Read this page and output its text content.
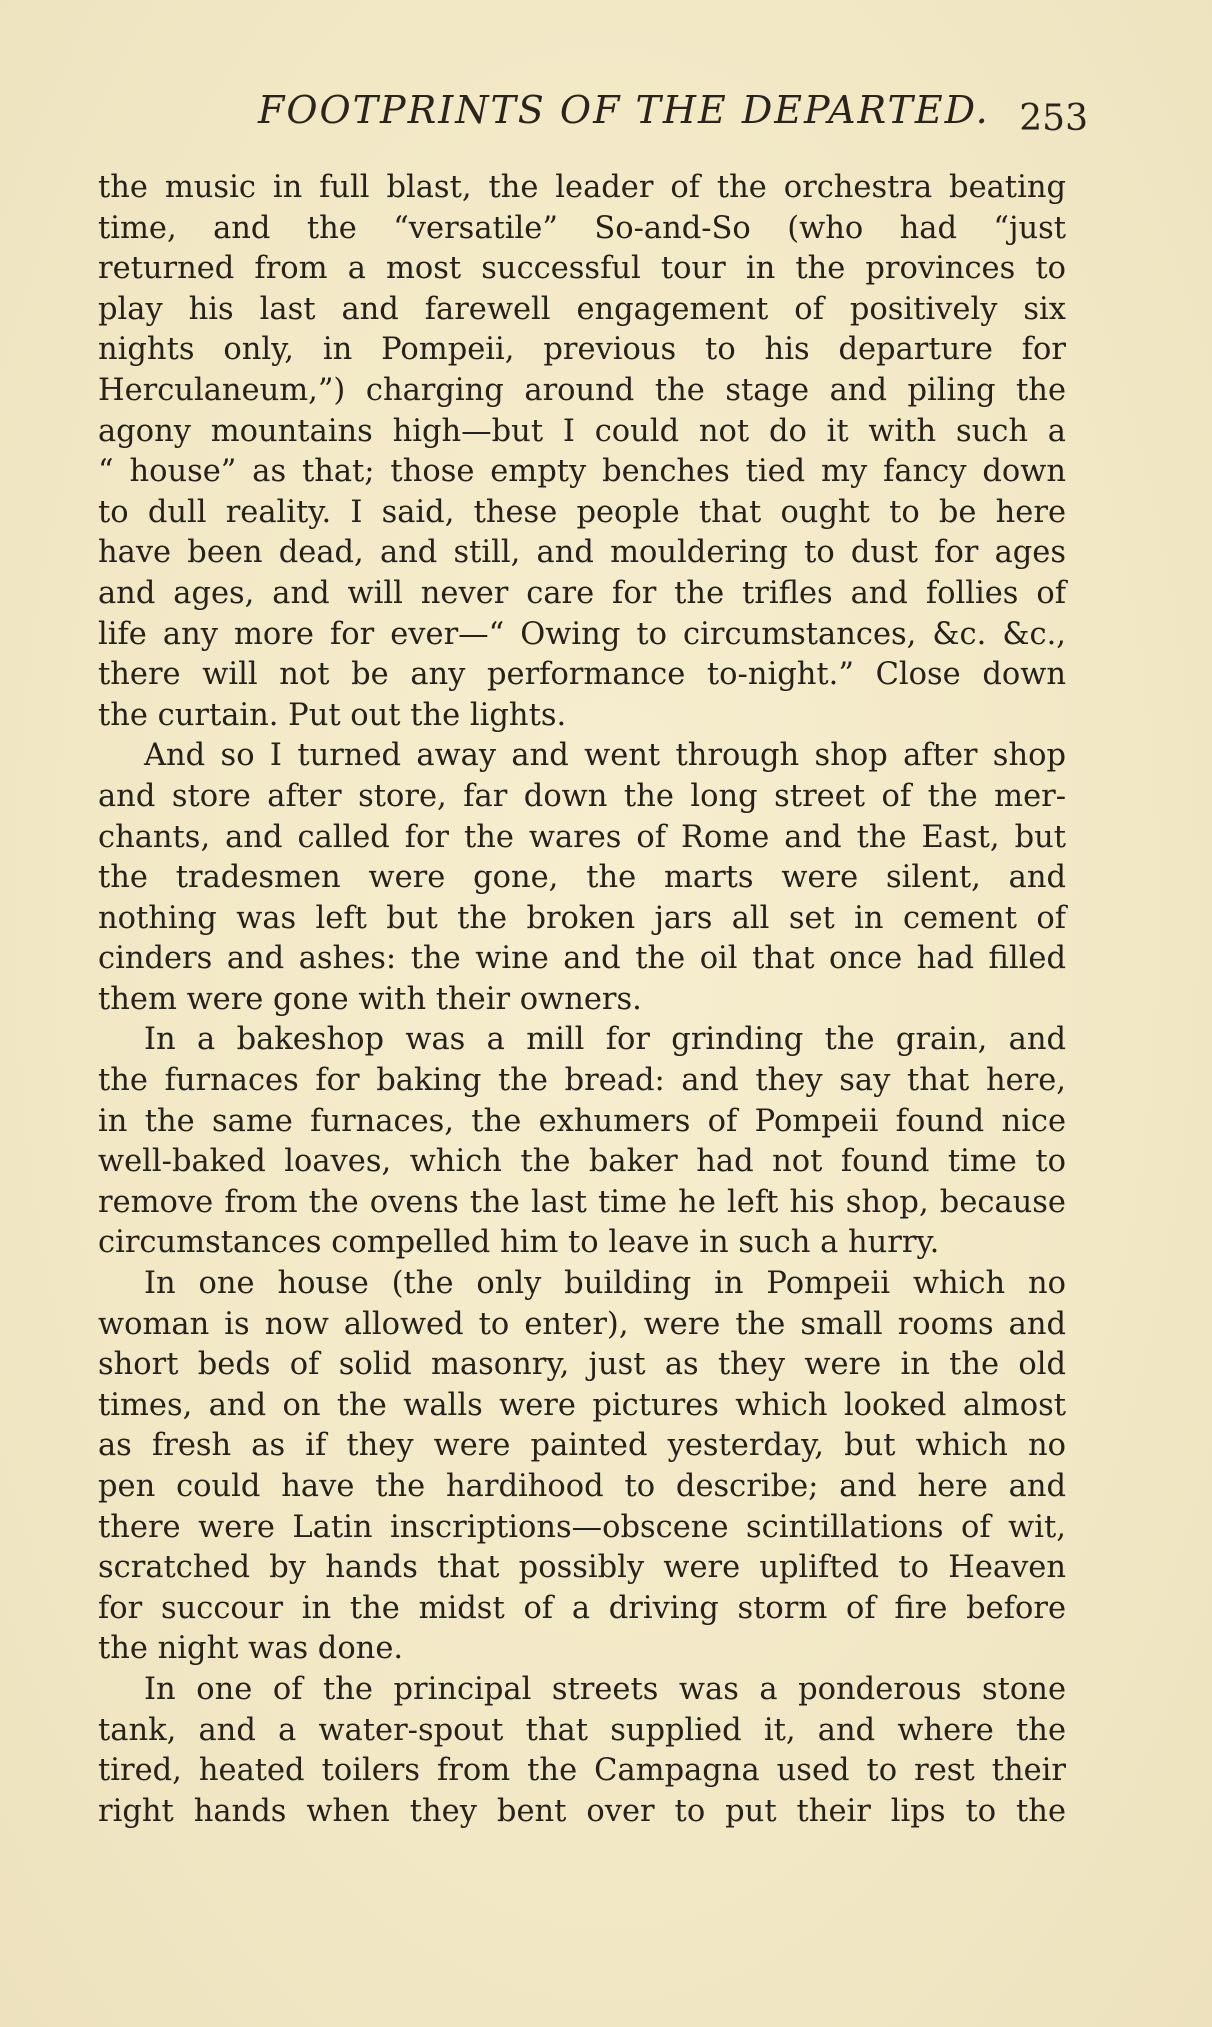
FOOTPRINTS OF THE DEPARTED. 253
the music in full blast, the leader of the orchestra beating
time, and the “versatile” So-and-So (who had “just
returned from a most successful tour in the provinces to
play his last and farewell engagement of positively six
nights only, in Pompeii, previous to his departure for
Herculaneum,”) charging around the stage and piling the
agony mountains high—but I could not do it with such a
“ house” as that; those empty benches tied my fancy down
to dull reality. I said, these people that ought to be here
have been dead, and still, and mouldering to dust for ages
and ages, and will never care for the trifles and follies of
life any more for ever—“ Owing to circumstances, &c. &c.,
there will not be any performance to-night.” Close down
the curtain. Put out the lights.
And so I turned away and went through shop after shop
and store after store, far down the long street of the mer-
chants, and called for the wares of Rome and the East, but
the tradesmen were gone, the marts were silent, and
nothing was left but the broken jars all set in cement of
cinders and ashes: the wine and the oil that once had filled
them were gone with their owners.
In a bakeshop was a mill for grinding the grain, and
the furnaces for baking the bread: and they say that here,
in the same furnaces, the exhumers of Pompeii found nice
well-baked loaves, which the baker had not found time to
remove from the ovens the last time he left his shop, because
circumstances compelled him to leave in such a hurry.
In one house (the only building in Pompeii which no
woman is now allowed to enter), were the small rooms and
short beds of solid masonry, just as they were in the old
times, and on the walls were pictures which looked almost
as fresh as if they were painted yesterday, but which no
pen could have the hardihood to describe; and here and
there were Latin inscriptions—obscene scintillations of wit,
scratched by hands that possibly were uplifted to Heaven
for succour in the midst of a driving storm of fire before
the night was done.
In one of the principal streets was a ponderous stone
tank, and a water-spout that supplied it, and where the
tired, heated toilers from the Campagna used to rest their
right hands when they bent over to put their lips to the
